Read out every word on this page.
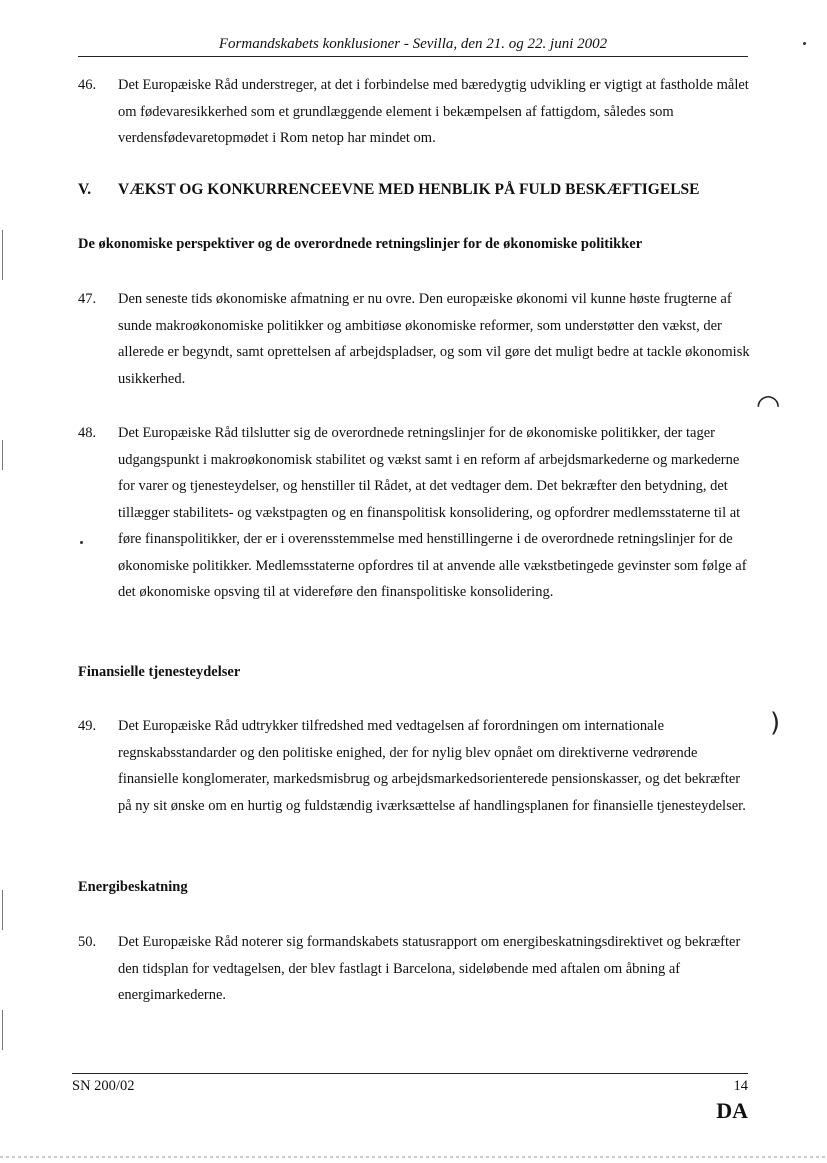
Formandskabets konklusioner - Sevilla, den 21. og 22. juni 2002
46.	Det Europæiske Råd understreger, at det i forbindelse med bæredygtig udvikling er vigtigt at fastholde målet om fødevaresikkerhed som et grundlæggende element i bekæmpelsen af fattigdom, således som verdensfødevaretopmødet i Rom netop har mindet om.
V. VÆKST OG KONKURRENCEEVNE MED HENBLIK PÅ FULD BESKÆFTIGELSE
De økonomiske perspektiver og de overordnede retningslinjer for de økonomiske politikker
47.	Den seneste tids økonomiske afmatning er nu ovre. Den europæiske økonomi vil kunne høste frugterne af sunde makroøkonomiske politikker og ambitiøse økonomiske reformer, som understøtter den vækst, der allerede er begyndt, samt oprettelsen af arbejdspladser, og som vil gøre det muligt bedre at tackle økonomisk usikkerhed.
48.	Det Europæiske Råd tilslutter sig de overordnede retningslinjer for de økonomiske politikker, der tager udgangspunkt i makroøkonomisk stabilitet og vækst samt i en reform af arbejdsmarkederne og markederne for varer og tjenesteydelser, og henstiller til Rådet, at det vedtager dem. Det bekræfter den betydning, det tillægger stabilitets- og vækstpagten og en finanspolitisk konsolidering, og opfordrer medlemsstaterne til at føre finanspolitikker, der er i overensstemmelse med henstillingerne i de overordnede retningslinjer for de økonomiske politikker. Medlemsstaterne opfordres til at anvende alle vækstbetingede gevinster som følge af det økonomiske opsving til at videreføre den finanspolitiske konsolidering.
Finansielle tjenesteydelser
49.	Det Europæiske Råd udtrykker tilfredshed med vedtagelsen af forordningen om internationale regnskabsstandarder og den politiske enighed, der for nylig blev opnået om direktiverne vedrørende finansielle konglomerater, markedsmisbrug og arbejdsmarkedsorienterede pensionskasser, og det bekræfter på ny sit ønske om en hurtig og fuldstændig iværksættelse af handlingsplanen for finansielle tjenesteydelser.
Energibeskatning
50.	Det Europæiske Råd noterer sig formandskabets statusrapport om energibeskatningsdirektivet og bekræfter den tidsplan for vedtagelsen, der blev fastlagt i Barcelona, sideløbende med aftalen om åbning af energimarkederne.
SN 200/02	14
DA
◠
)
